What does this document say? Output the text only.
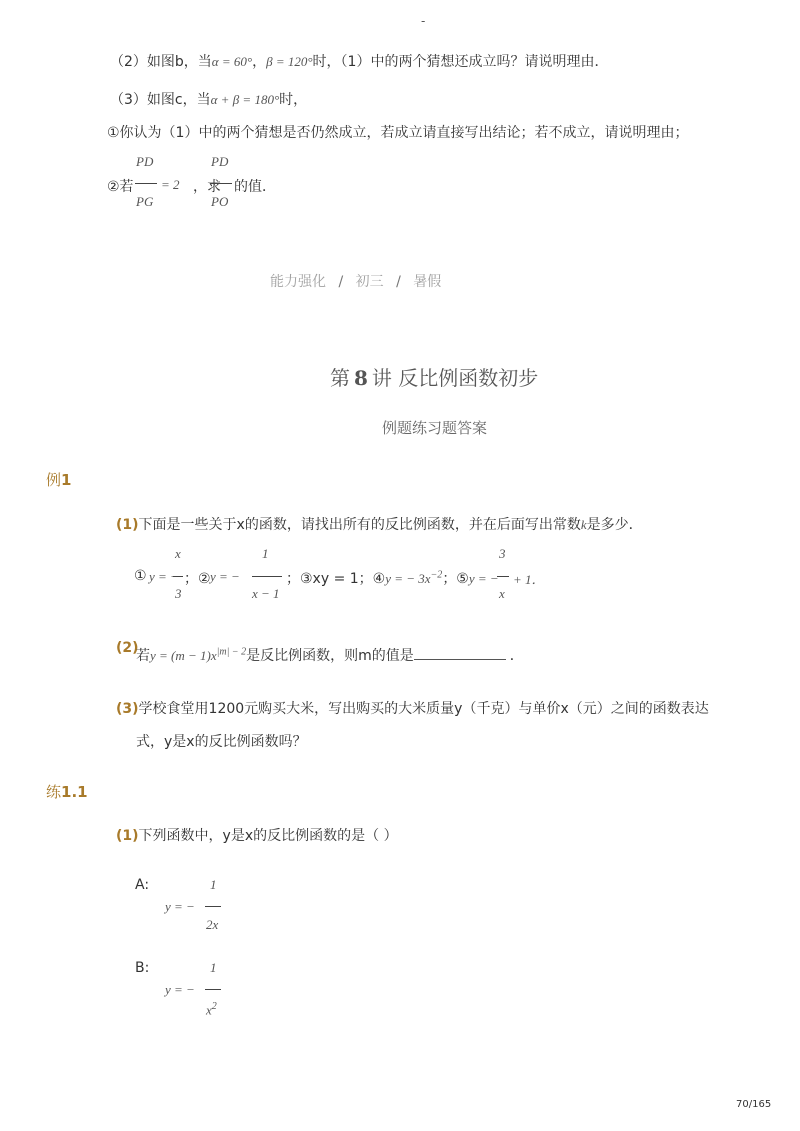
-
（2）如图b，当α = 60°，β = 120°时，（1）中的两个猜想还成立吗？请说明理由．
（3）如图c，当α + β = 180°时，
①你认为（1）中的两个猜想是否仍然成立，若成立请直接写出结论；若不成立，请说明理由；
PD
PG
②若 = 2 ，求
PD
PO
的值．
能力强化 / 初三 / 暑假
第 8 讲 反比例函数初步
例题练习题答案
例1
(1)下面是一些关于x的函数，请找出所有的反比例函数，并在后面写出常数k是多少．
① y = −
x
3
；② y = −
1
x − 1
；③xy = 1；④y = − $3x^{-2}$；⑤y = −
3
x
+ 1．
(2)
若$y = (m - 1)x^{|m| - 2}$是反比例函数，则m的值是	．
(3)学校食堂用1200元购买大米，写出购买的大米质量y（千克）与单价x（元）之间的函数表达
式，y是x的反比例函数吗？
练1.1
(1)下列函数中，y是x的反比例函数的是（ ）
A:
y = −
1
2x
B:
y = −
1
$x^2$
70/165
